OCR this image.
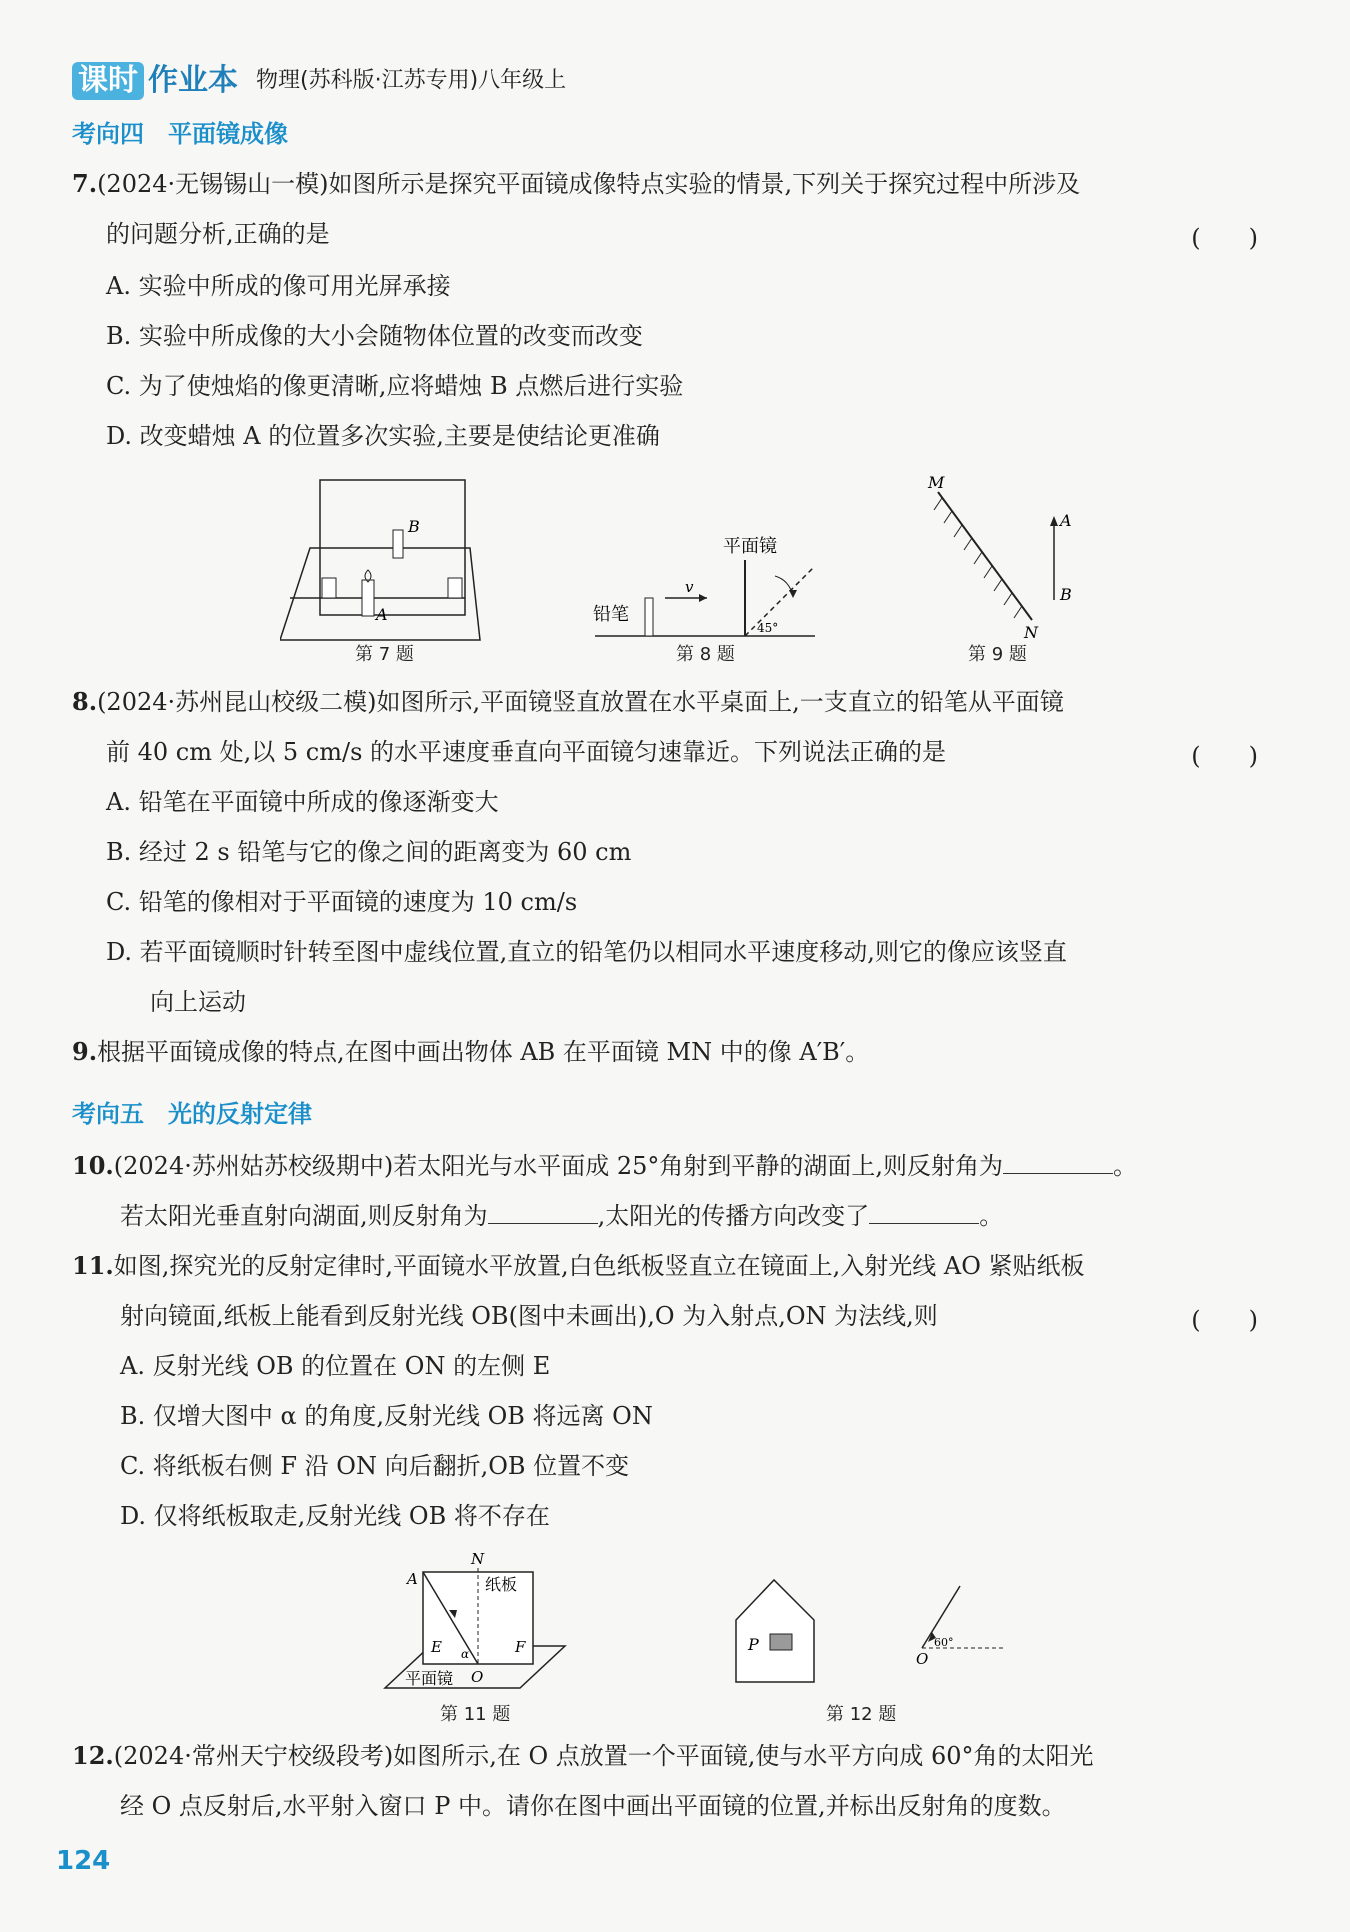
课时 作业本 物理(苏科版·江苏专用)八年级上
考向四　平面镜成像
7.(2024·无锡锡山一模)如图所示是探究平面镜成像特点实验的情景,下列关于探究过程中所涉及
的问题分析,正确的是	(　　)
A. 实验中所成的像可用光屏承接
B. 实验中所成像的大小会随物体位置的改变而改变
C. 为了使烛焰的像更清晰,应将蜡烛 B 点燃后进行实验
D. 改变蜡烛 A 的位置多次实验,主要是使结论更准确
B
A
第 7 题
v
平面镜
铅笔
45°
第 8 题
M
N
A
B
第 9 题
8.(2024·苏州昆山校级二模)如图所示,平面镜竖直放置在水平桌面上,一支直立的铅笔从平面镜
前 40 cm 处,以 5 cm/s 的水平速度垂直向平面镜匀速靠近。下列说法正确的是	(　　)
A. 铅笔在平面镜中所成的像逐渐变大
B. 经过 2 s 铅笔与它的像之间的距离变为 60 cm
C. 铅笔的像相对于平面镜的速度为 10 cm/s
D. 若平面镜顺时针转至图中虚线位置,直立的铅笔仍以相同水平速度移动,则它的像应该竖直
向上运动
9.根据平面镜成像的特点,在图中画出物体 AB 在平面镜 MN 中的像 A′B′。
考向五　光的反射定律
10.(2024·苏州姑苏校级期中)若太阳光与水平面成 25°角射到平静的湖面上,则反射角为	。
若太阳光垂直射向湖面,则反射角为	,太阳光的传播方向改变了	。
11.如图,探究光的反射定律时,平面镜水平放置,白色纸板竖直立在镜面上,入射光线 AO 紧贴纸板
射向镜面,纸板上能看到反射光线 OB(图中未画出),O 为入射点,ON 为法线,则	(　　)
A. 反射光线 OB 的位置在 ON 的左侧 E
B. 仅增大图中 α 的角度,反射光线 OB 将远离 ON
C. 将纸板右侧 F 沿 ON 向后翻折,OB 位置不变
D. 仅将纸板取走,反射光线 OB 将不存在
N
纸板
A
E	F
O
α
平面镜
第 11 题
P
O
60°
第 12 题
12.(2024·常州天宁校级段考)如图所示,在 O 点放置一个平面镜,使与水平方向成 60°角的太阳光
经 O 点反射后,水平射入窗口 P 中。请你在图中画出平面镜的位置,并标出反射角的度数。
124
